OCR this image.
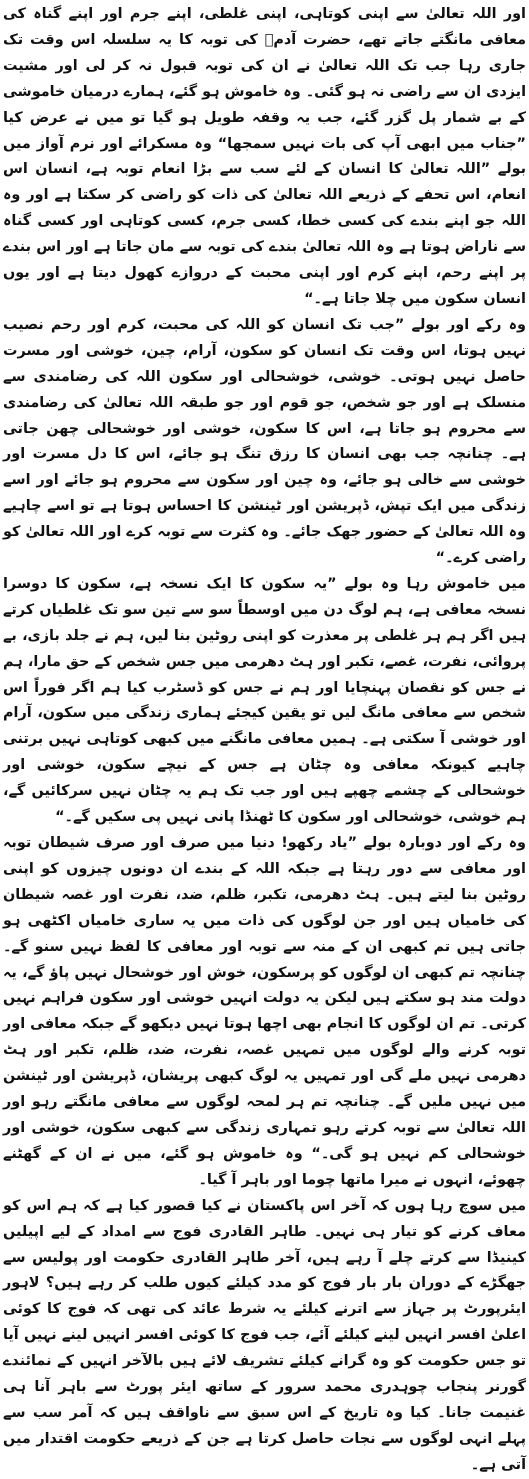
اور اللہ تعالیٰ سے اپنی کوتاہی، اپنی غلطی، اپنے جرم اور اپنے گناہ کی معافی مانگتے جاتے تھے، حضرت آدمؑ کی توبہ کا یہ سلسلہ اس وقت تک جاری رہا جب تک اللہ تعالیٰ نے ان کی توبہ قبول نہ کر لی اور مشیت ایزدی ان سے راضی نہ ہو گئی۔ وہ خاموش ہو گئے، ہمارے درمیان خاموشی کے بے شمار پل گزر گئے، جب یہ وقفہ طویل ہو گیا تو میں نے عرض کیا ”جناب میں ابھی آپ کی بات نہیں سمجھا“ وہ مسکرائے اور نرم آواز میں بولے ”اللہ تعالیٰ کا انسان کے لئے سب سے بڑا انعام توبہ ہے، انسان اس انعام، اس تحفے کے ذریعے اللہ تعالیٰ کی ذات کو راضی کر سکتا ہے اور وہ اللہ جو اپنے بندے کی کسی خطا، کسی جرم، کسی کوتاہی اور کسی گناہ سے ناراض ہوتا ہے وہ اللہ تعالیٰ بندے کی توبہ سے مان جاتا ہے اور اس بندے پر اپنے رحم، اپنے کرم اور اپنی محبت کے دروازے کھول دیتا ہے اور یوں انسان سکون میں چلا جاتا ہے۔“

وہ رکے اور بولے ”جب تک انسان کو اللہ کی محبت، کرم اور رحم نصیب نہیں ہوتا، اس وقت تک انسان کو سکون، آرام، چین، خوشی اور مسرت حاصل نہیں ہوتی۔ خوشی، خوشحالی اور سکون اللہ کی رضامندی سے منسلک ہے اور جو شخص، جو قوم اور جو طبقہ اللہ تعالیٰ کی رضامندی سے محروم ہو جاتا ہے، اس کا سکون، خوشی اور خوشحالی چھن جاتی ہے۔ چنانچہ جب بھی انسان کا رزق تنگ ہو جائے، اس کا دل مسرت اور خوشی سے خالی ہو جائے، وہ چین اور سکون سے محروم ہو جائے اور اسے زندگی میں ایک تپش، ڈپریشن اور ٹینشن کا احساس ہوتا ہے تو اسے چاہیے وہ اللہ تعالیٰ کے حضور جھک جائے۔ وہ کثرت سے توبہ کرے اور اللہ تعالیٰ کو راضی کرے۔“

میں خاموش رہا وہ بولے ”یہ سکون کا ایک نسخہ ہے، سکون کا دوسرا نسخہ معافی ہے، ہم لوگ دن میں اوسطاً سو سے تین سو تک غلطیاں کرتے ہیں اگر ہم ہر غلطی پر معذرت کو اپنی روٹین بنا لیں، ہم نے جلد بازی، بے پروائی، نفرت، غصے، تکبر اور ہٹ دھرمی میں جس شخص کے حق مارا، ہم نے جس کو نقصان پہنچایا اور ہم نے جس کو ڈسٹرب کیا ہم اگر فوراً اس شخص سے معافی مانگ لیں تو یقین کیجئے ہماری زندگی میں سکون، آرام اور خوشی آ سکتی ہے۔ ہمیں معافی مانگنے میں کبھی کوتاہی نہیں برتنی چاہیے کیونکہ معافی وہ چٹان ہے جس کے نیچے سکون، خوشی اور خوشحالی کے چشمے چھپے ہیں اور جب تک ہم یہ چٹان نہیں سرکائیں گے، ہم خوشی، خوشحالی اور سکون کا ٹھنڈا پانی نہیں پی سکیں گے۔“

وہ رکے اور دوبارہ بولے ”یاد رکھو! دنیا میں صرف اور صرف شیطان توبہ اور معافی سے دور رہتا ہے جبکہ اللہ کے بندے ان دونوں چیزوں کو اپنی روٹین بنا لیتے ہیں۔ ہٹ دھرمی، تکبر، ظلم، ضد، نفرت اور غصہ شیطان کی خامیاں ہیں اور جن لوگوں کی ذات میں یہ ساری خامیاں اکٹھی ہو جاتی ہیں تم کبھی ان کے منہ سے توبہ اور معافی کا لفظ نہیں سنو گے۔ چنانچہ تم کبھی ان لوگوں کو پرسکون، خوش اور خوشحال نہیں پاؤ گے، یہ دولت مند ہو سکتے ہیں لیکن یہ دولت انہیں خوشی اور سکون فراہم نہیں کرتی۔ تم ان لوگوں کا انجام بھی اچھا ہوتا نہیں دیکھو گے جبکہ معافی اور توبہ کرنے والے لوگوں میں تمہیں غصہ، نفرت، ضد، ظلم، تکبر اور ہٹ دھرمی نہیں ملے گی اور تمہیں یہ لوگ کبھی پریشان، ڈپریشن اور ٹینشن میں نہیں ملیں گے۔ چنانچہ تم ہر لمحہ لوگوں سے معافی مانگتے رہو اور اللہ تعالیٰ سے توبہ کرتے رہو تمہاری زندگی سے کبھی سکون، خوشی اور خوشحالی کم نہیں ہو گی۔“ وہ خاموش ہو گئے، میں نے ان کے گھٹنے چھوئے، انہوں نے میرا ماتھا چوما اور باہر آ گیا۔

میں سوچ رہا ہوں کہ آخر اس پاکستان نے کیا قصور کیا ہے کہ ہم اس کو معاف کرنے کو تیار ہی نہیں۔ طاہر القادری فوج سے امداد کے لیے اپیلیں کینیڈا سے کرتے چلے آ رہے ہیں، آخر طاہر القادری حکومت اور پولیس سے جھگڑے کے دوران بار بار فوج کو مدد کیلئے کیوں طلب کر رہے ہیں؟ لاہور ایئرپورٹ پر جہاز سے اترنے کیلئے یہ شرط عائد کی تھی کہ فوج کا کوئی اعلیٰ افسر انہیں لینے کیلئے آئے، جب فوج کا کوئی افسر انہیں لینے نہیں آیا تو جس حکومت کو وہ گرانے کیلئے تشریف لائے ہیں بالآخر انہیں کے نمائندے گورنر پنجاب چوہدری محمد سرور کے ساتھ ایئر پورٹ سے باہر آنا ہی غنیمت جانا۔ کیا وہ تاریخ کے اس سبق سے ناواقف ہیں کہ آمر سب سے پہلے انہی لوگوں سے نجات حاصل کرتا ہے جن کے ذریعے حکومت اقتدار میں آتی ہے۔
